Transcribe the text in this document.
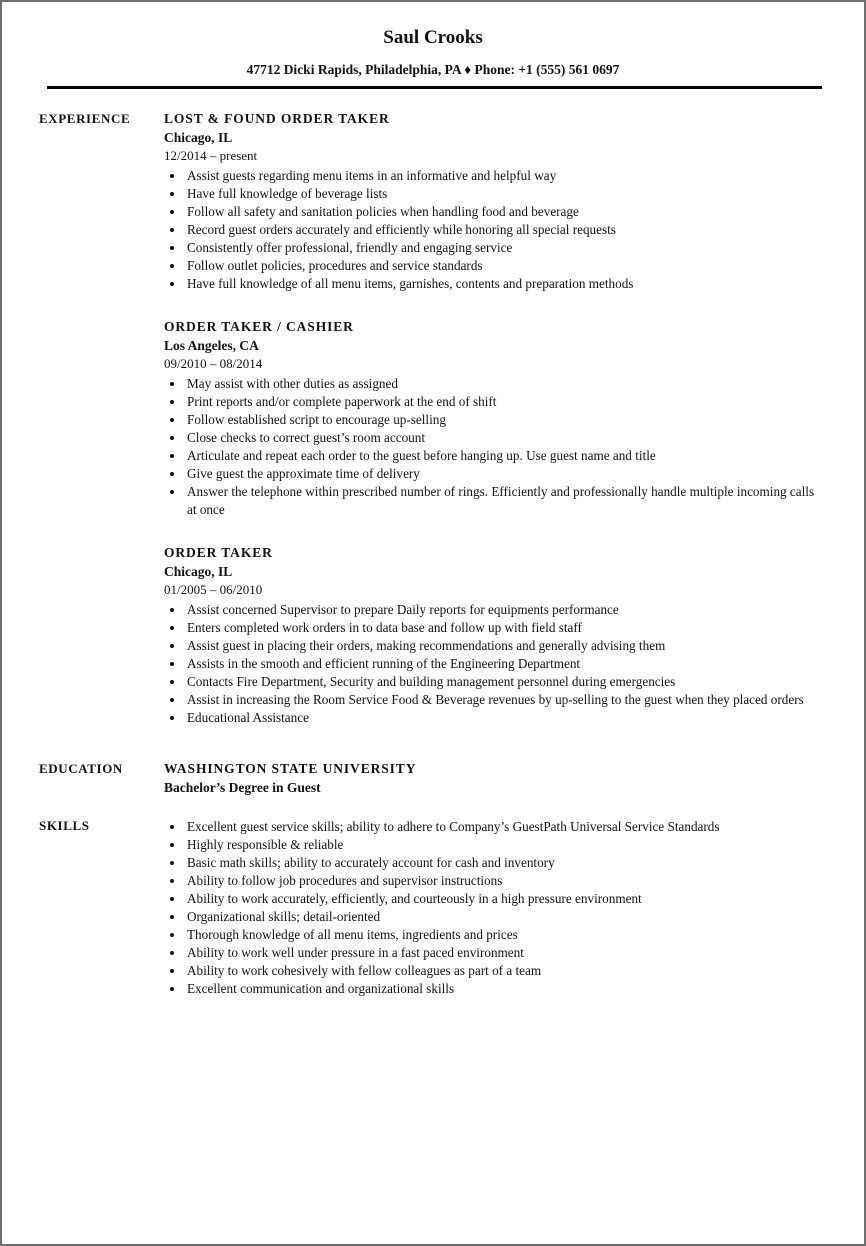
Saul Crooks
47712 Dicki Rapids, Philadelphia, PA ♦ Phone: +1 (555) 561 0697
EXPERIENCE	LOST & FOUND ORDER TAKER
Chicago, IL
12/2014 – present
• Assist guests regarding menu items in an informative and helpful way
• Have full knowledge of beverage lists
• Follow all safety and sanitation policies when handling food and beverage
• Record guest orders accurately and efficiently while honoring all special requests
• Consistently offer professional, friendly and engaging service
• Follow outlet policies, procedures and service standards
• Have full knowledge of all menu items, garnishes, contents and preparation methods
ORDER TAKER / CASHIER
Los Angeles, CA
09/2010 – 08/2014
• May assist with other duties as assigned
• Print reports and/or complete paperwork at the end of shift
• Follow established script to encourage up-selling
• Close checks to correct guest’s room account
• Articulate and repeat each order to the guest before hanging up. Use guest name and title
• Give guest the approximate time of delivery
• Answer the telephone within prescribed number of rings. Efficiently and professionally handle multiple incoming calls at once
ORDER TAKER
Chicago, IL
01/2005 – 06/2010
• Assist concerned Supervisor to prepare Daily reports for equipments performance
• Enters completed work orders in to data base and follow up with field staff
• Assist guest in placing their orders, making recommendations and generally advising them
• Assists in the smooth and efficient running of the Engineering Department
• Contacts Fire Department, Security and building management personnel during emergencies
• Assist in increasing the Room Service Food & Beverage revenues by up-selling to the guest when they placed orders
• Educational Assistance
EDUCATION	WASHINGTON STATE UNIVERSITY
Bachelor’s Degree in Guest
SKILLS	• Excellent guest service skills; ability to adhere to Company’s GuestPath Universal Service Standards
• Highly responsible & reliable
• Basic math skills; ability to accurately account for cash and inventory
• Ability to follow job procedures and supervisor instructions
• Ability to work accurately, efficiently, and courteously in a high pressure environment
• Organizational skills; detail-oriented
• Thorough knowledge of all menu items, ingredients and prices
• Ability to work well under pressure in a fast paced environment
• Ability to work cohesively with fellow colleagues as part of a team
• Excellent communication and organizational skills
